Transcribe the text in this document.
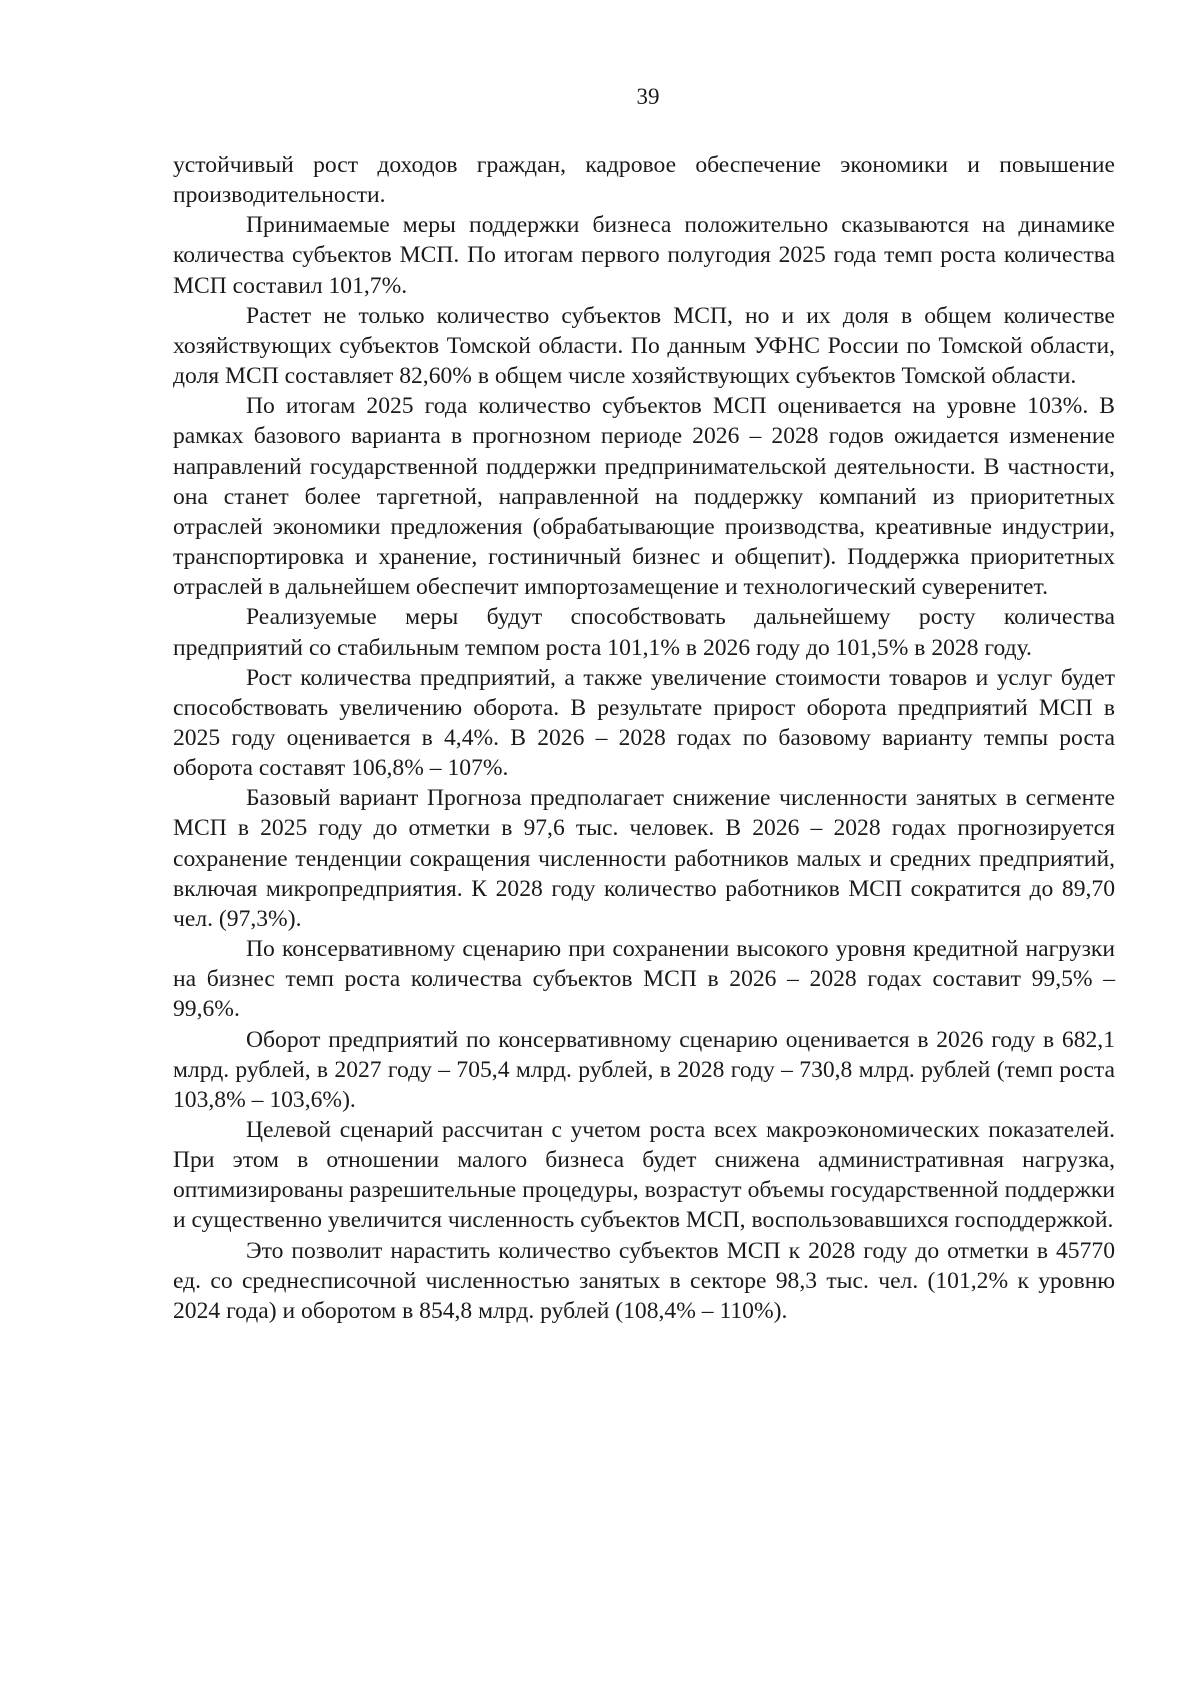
39

устойчивый рост доходов граждан, кадровое обеспечение экономики и повышение производительности.

Принимаемые меры поддержки бизнеса положительно сказываются на динамике количества субъектов МСП. По итогам первого полугодия 2025 года темп роста количества МСП составил 101,7%.

Растет не только количество субъектов МСП, но и их доля в общем количестве хозяйствующих субъектов Томской области. По данным УФНС России по Томской области, доля МСП составляет 82,60% в общем числе хозяйствующих субъектов Томской области.

По итогам 2025 года количество субъектов МСП оценивается на уровне 103%. В рамках базового варианта в прогнозном периоде 2026 – 2028 годов ожидается изменение направлений государственной поддержки предпринимательской деятельности. В частности, она станет более таргетной, направленной на поддержку компаний из приоритетных отраслей экономики предложения (обрабатывающие производства, креативные индустрии, транспортировка и хранение, гостиничный бизнес и общепит). Поддержка приоритетных отраслей в дальнейшем обеспечит импортозамещение и технологический суверенитет.

Реализуемые меры будут способствовать дальнейшему росту количества предприятий со стабильным темпом роста 101,1% в 2026 году до 101,5% в 2028 году.

Рост количества предприятий, а также увеличение стоимости товаров и услуг будет способствовать увеличению оборота. В результате прирост оборота предприятий МСП в 2025 году оценивается в 4,4%. В 2026 – 2028 годах по базовому варианту темпы роста оборота составят 106,8% – 107%.

Базовый вариант Прогноза предполагает снижение численности занятых в сегменте МСП в 2025 году до отметки в 97,6 тыс. человек. В 2026 – 2028 годах прогнозируется сохранение тенденции сокращения численности работников малых и средних предприятий, включая микропредприятия. К 2028 году количество работников МСП сократится до 89,70 чел. (97,3%).

По консервативному сценарию при сохранении высокого уровня кредитной нагрузки на бизнес темп роста количества субъектов МСП в 2026 – 2028 годах составит 99,5% – 99,6%.

Оборот предприятий по консервативному сценарию оценивается в 2026 году в 682,1 млрд. рублей, в 2027 году – 705,4 млрд. рублей, в 2028 году – 730,8 млрд. рублей (темп роста 103,8% – 103,6%).

Целевой сценарий рассчитан с учетом роста всех макроэкономических показателей. При этом в отношении малого бизнеса будет снижена административная нагрузка, оптимизированы разрешительные процедуры, возрастут объемы государственной поддержки и существенно увеличится численность субъектов МСП, воспользовавшихся господдержкой.

Это позволит нарастить количество субъектов МСП к 2028 году до отметки в 45770 ед. со среднесписочной численностью занятых в секторе 98,3 тыс. чел. (101,2% к уровню 2024 года) и оборотом в 854,8 млрд. рублей (108,4% – 110%).
